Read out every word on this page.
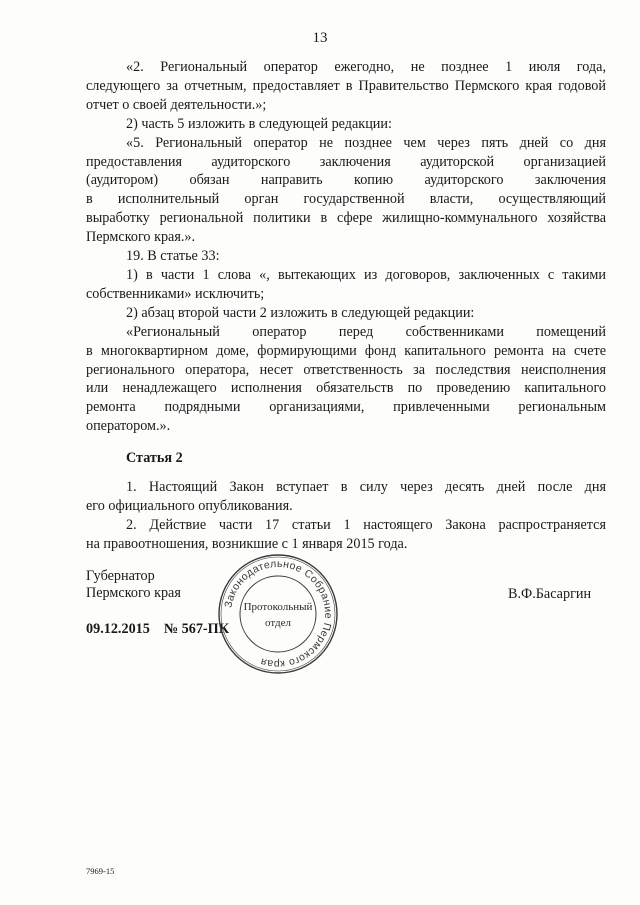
13

«2. Региональный оператор ежегодно, не позднее 1 июля года,

следующего за отчетным, предоставляет в Правительство Пермского края годовой отчет о своей деятельности.»;

2) часть 5 изложить в следующей редакции:

«5. Региональный оператор не позднее чем через пять дней со дня

предоставления аудиторского заключения аудиторской организацией

(аудитором) обязан направить копию аудиторского заключения

в исполнительный орган государственной власти, осуществляющий

выработку региональной политики в сфере жилищно-коммунального хозяйства

Пермского края.».

19. В статье 33:

1) в части 1 слова «, вытекающих из договоров, заключенных с такими

собственниками» исключить;

2) абзац второй части 2 изложить в следующей редакции:

«Региональный оператор перед собственниками помещений

в многоквартирном доме, формирующими фонд капитального ремонта на счете

регионального оператора, несет ответственность за последствия неисполнения

или ненадлежащего исполнения обязательств по проведению капитального

ремонта подрядными организациями, привлеченными региональным

оператором.».

Статья 2

1. Настоящий Закон вступает в силу через десять дней после дня

его официального опубликования.

2. Действие части 17 статьи 1 настоящего Закона распространяется

на правоотношения, возникшие с 1 января 2015 года.

Губернатор
Пермского края	В.Ф.Басаргин
09.12.2015 № 567-ПК
Законодательное Собрание Пермского края
Протокольный
отдел
7969-15
